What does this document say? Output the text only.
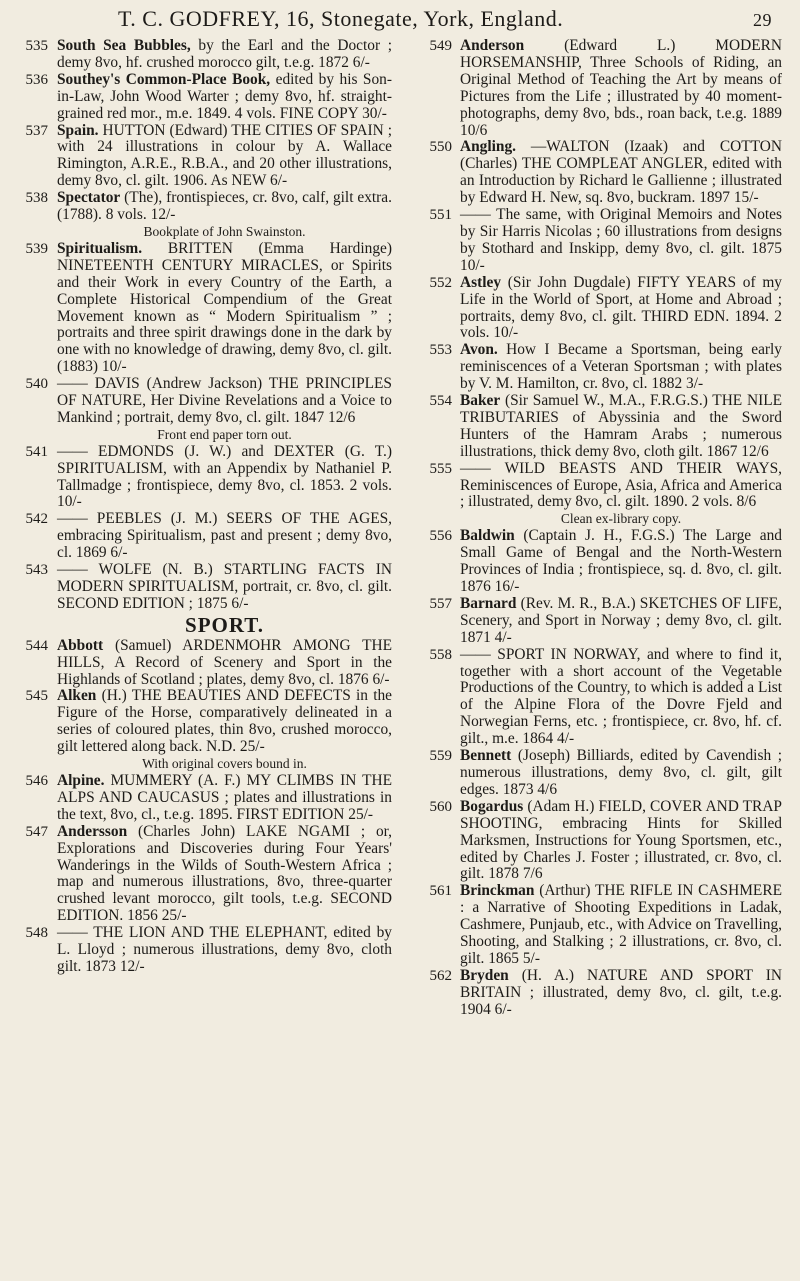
T. C. GODFREY, 16, Stonegate, York, England.	29

535 South Sea Bubbles, by the Earl and the Doctor ; demy 8vo, hf. crushed morocco gilt, t.e.g. 1872 6/-

536 Southey's Common-Place Book, edited by his Son-in-Law, John Wood Warter ; demy 8vo, hf. straight-grained red mor., m.e. 1849. 4 vols. FINE COPY 30/-

537 Spain. HUTTON (Edward) THE CITIES OF SPAIN ; with 24 illustrations in colour by A. Wallace Rimington, A.R.E., R.B.A., and 20 other illustrations, demy 8vo, cl. gilt. 1906. As NEW 6/-

538 Spectator (The), frontispieces, cr. 8vo, calf, gilt extra. (1788). 8 vols. 12/-
Bookplate of John Swainston.

539 Spiritualism. BRITTEN (Emma Hardinge) NINETEENTH CENTURY MIRACLES, or Spirits and their Work in every Country of the Earth, a Complete Historical Compendium of the Great Movement known as “ Modern Spiritualism ” ; portraits and three spirit drawings done in the dark by one with no knowledge of drawing, demy 8vo, cl. gilt. (1883) 10/-

540 —— DAVIS (Andrew Jackson) THE PRINCIPLES OF NATURE, Her Divine Revelations and a Voice to Mankind ; portrait, demy 8vo, cl. gilt. 1847 12/6
Front end paper torn out.

541 —— EDMONDS (J. W.) and DEXTER (G. T.) SPIRITUALISM, with an Appendix by Nathaniel P. Tallmadge ; frontispiece, demy 8vo, cl. 1853. 2 vols. 10/-

542 —— PEEBLES (J. M.) SEERS OF THE AGES, embracing Spiritualism, past and present ; demy 8vo, cl. 1869 6/-

543 —— WOLFE (N. B.) STARTLING FACTS IN MODERN SPIRITUALISM, portrait, cr. 8vo, cl. gilt. SECOND EDITION ; 1875 6/-

SPORT.

544 Abbott (Samuel) ARDENMOHR AMONG THE HILLS, A Record of Scenery and Sport in the Highlands of Scotland ; plates, demy 8vo, cl. 1876 6/-

545 Alken (H.) THE BEAUTIES AND DEFECTS in the Figure of the Horse, comparatively delineated in a series of coloured plates, thin 8vo, crushed morocco, gilt lettered along back. N.D. 25/-
With original covers bound in.

546 Alpine. MUMMERY (A. F.) MY CLIMBS IN THE ALPS AND CAUCASUS ; plates and illustrations in the text, 8vo, cl., t.e.g. 1895. FIRST EDITION 25/-

547 Andersson (Charles John) LAKE NGAMI ; or, Explorations and Discoveries during Four Years' Wanderings in the Wilds of South-Western Africa ; map and numerous illustrations, 8vo, three-quarter crushed levant morocco, gilt tools, t.e.g. SECOND EDITION. 1856 25/-

548 —— THE LION AND THE ELEPHANT, edited by L. Lloyd ; numerous illustrations, demy 8vo, cloth gilt. 1873 12/-

549 Anderson	(Edward L.) MODERN HORSEMANSHIP, Three Schools of Riding, an Original Method of Teaching the Art by means of Pictures from the Life ; illustrated by 40 moment-photographs, demy 8vo, bds., roan back, t.e.g. 1889 10/6

550 Angling. —WALTON (Izaak) and COTTON (Charles) THE COMPLEAT ANGLER, edited with an Introduction by Richard le Gallienne ; illustrated by Edward H. New, sq. 8vo, buckram. 1897 15/-

551 —— The same, with Original Memoirs and Notes by Sir Harris Nicolas ; 60 illustrations from designs by Stothard and Inskipp, demy 8vo, cl. gilt. 1875 10/-

552 Astley (Sir John Dugdale) FIFTY YEARS of my Life in the World of Sport, at Home and Abroad ; portraits, demy 8vo, cl. gilt. THIRD EDN. 1894. 2 vols. 10/-

553 Avon. How I Became a Sportsman, being early reminiscences of a Veteran Sportsman ; with plates by V. M. Hamilton, cr. 8vo, cl. 1882 3/-

554 Baker (Sir Samuel W., M.A., F.R.G.S.) THE NILE TRIBUTARIES of Abyssinia and the Sword Hunters of the Hamram Arabs ; numerous illustrations, thick demy 8vo, cloth gilt. 1867 12/6

555 —— WILD BEASTS AND THEIR WAYS, Reminiscences of Europe, Asia, Africa and America ; illustrated, demy 8vo, cl. gilt. 1890. 2 vols. 8/6
Clean ex-library copy.

556 Baldwin (Captain J. H., F.G.S.) The Large and Small Game of Bengal and the North-Western Provinces of India ; frontispiece, sq. d. 8vo, cl. gilt. 1876 16/-

557 Barnard (Rev. M. R., B.A.) SKETCHES OF LIFE, Scenery, and Sport in Norway ; demy 8vo, cl. gilt. 1871 4/-

558 —— SPORT IN NORWAY, and where to find it, together with a short account of the Vegetable Productions of the Country, to which is added a List of the Alpine Flora of the Dovre Fjeld and Norwegian Ferns, etc. ; frontispiece, cr. 8vo, hf. cf. gilt., m.e. 1864 4/-

559 Bennett (Joseph) Billiards, edited by Cavendish ; numerous illustrations, demy 8vo, cl. gilt, gilt edges. 1873 4/6

560 Bogardus (Adam H.) FIELD, COVER AND TRAP SHOOTING, embracing Hints for Skilled Marksmen, Instructions for Young Sportsmen, etc., edited by Charles J. Foster ; illustrated, cr. 8vo, cl. gilt. 1878 7/6

561 Brinckman (Arthur) THE RIFLE IN CASHMERE : a Narrative of Shooting Expeditions in Ladak, Cashmere, Punjaub, etc., with Advice on Travelling, Shooting, and Stalking ; 2 illustrations, cr. 8vo, cl. gilt. 1865 5/-

562 Bryden (H. A.) NATURE AND SPORT IN BRITAIN ; illustrated, demy 8vo, cl. gilt, t.e.g. 1904 6/-
